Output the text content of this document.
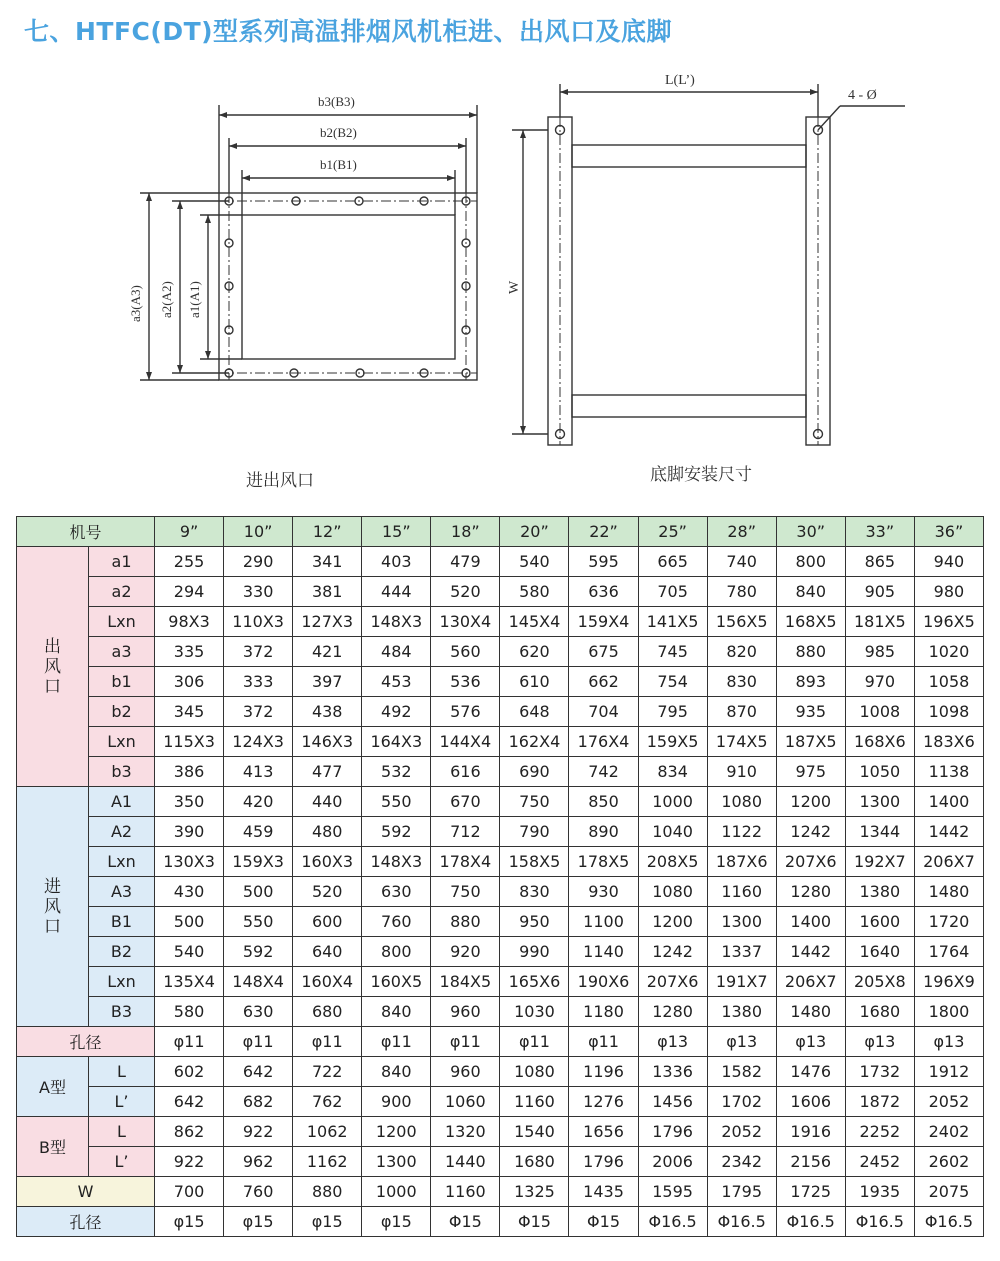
七、HTFC(DT)型系列高温排烟风机柜进、出风口及底脚
b3(B3)
b2(B2)
b1(B1)
a3(A3) a2(A2) a1(A1)
L(L’)
W
4 - Ø
进出风口	底脚安装尺寸
机号		9”	10”	12”	15”	18”	20”	22”	25”	28”	30”	33”	36”
出风口	a1	255	290	341	403	479	540	595	665	740	800	865	940
	a2	294	330	381	444	520	580	636	705	780	840	905	980
	Lxn	98X3	110X3	127X3	148X3	130X4	145X4	159X4	141X5	156X5	168X5	181X5	196X5
	a3	335	372	421	484	560	620	675	745	820	880	985	1020
	b1	306	333	397	453	536	610	662	754	830	893	970	1058
	b2	345	372	438	492	576	648	704	795	870	935	1008	1098
	Lxn	115X3	124X3	146X3	164X3	144X4	162X4	176X4	159X5	174X5	187X5	168X6	183X6
	b3	386	413	477	532	616	690	742	834	910	975	1050	1138
进风口	A1	350	420	440	550	670	750	850	1000	1080	1200	1300	1400
	A2	390	459	480	592	712	790	890	1040	1122	1242	1344	1442
	Lxn	130X3	159X3	160X3	148X3	178X4	158X5	178X5	208X5	187X6	207X6	192X7	206X7
	A3	430	500	520	630	750	830	930	1080	1160	1280	1380	1480
	B1	500	550	600	760	880	950	1100	1200	1300	1400	1600	1720
	B2	540	592	640	800	920	990	1140	1242	1337	1442	1640	1764
	Lxn	135X4	148X4	160X4	160X5	184X5	165X6	190X6	207X6	191X7	206X7	205X8	196X9
	B3	580	630	680	840	960	1030	1180	1280	1380	1480	1680	1800
孔径		φ11	φ11	φ11	φ11	φ11	φ11	φ11	φ13	φ13	φ13	φ13	φ13
A型	L	602	642	722	840	960	1080	1196	1336	1582	1476	1732	1912
	L’	642	682	762	900	1060	1160	1276	1456	1702	1606	1872	2052
B型	L	862	922	1062	1200	1320	1540	1656	1796	2052	1916	2252	2402
	L’	922	962	1162	1300	1440	1680	1796	2006	2342	2156	2452	2602
W		700	760	880	1000	1160	1325	1435	1595	1795	1725	1935	2075
孔径		φ15	φ15	φ15	φ15	Φ15	Φ15	Φ15	Φ16.5	Φ16.5	Φ16.5	Φ16.5	Φ16.5
